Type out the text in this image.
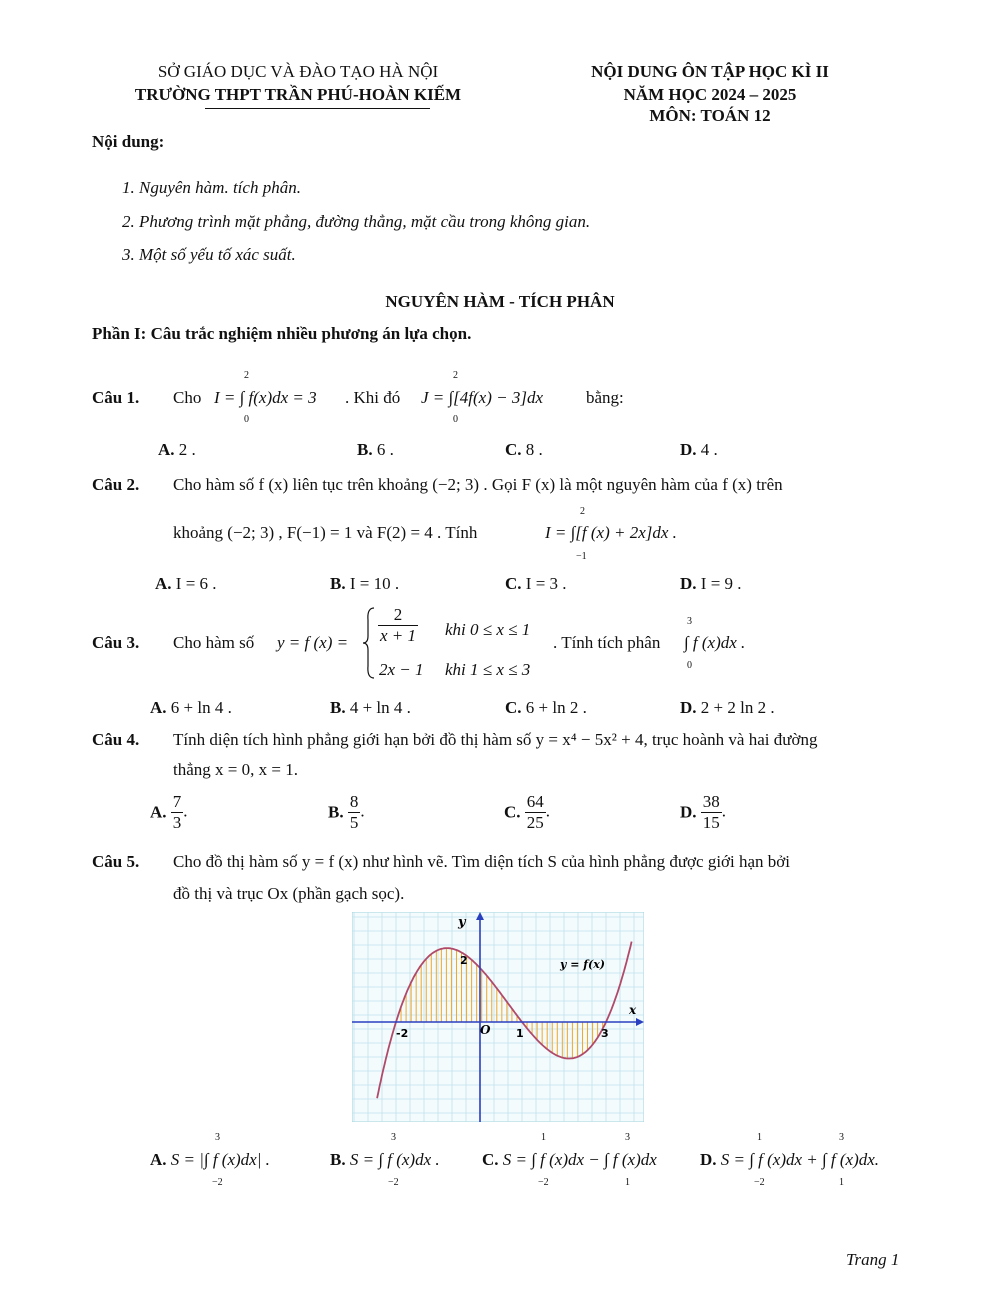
SỞ GIÁO DỤC VÀ ĐÀO TẠO HÀ NỘI
TRƯỜNG THPT TRẦN PHÚ-HOÀN KIẾM
NỘI DUNG ÔN TẬP HỌC KÌ II
NĂM HỌC 2024 – 2025
MÔN: TOÁN 12
Nội dung:
1. Nguyên hàm. tích phân.
2. Phương trình mặt phẳng, đường thẳng, mặt cầu trong không gian.
3. Một số yếu tố xác suất.
NGUYÊN HÀM - TÍCH PHÂN
Phần I: Câu trắc nghiệm nhiều phương án lựa chọn.
Câu 1. Cho
2
0
I = ∫ f(x)dx = 3 . Khi đó
2
0
J = ∫[4f(x) − 3]dx	bằng:
A. 2 .	B. 6 .	C. 8 .	D. 4 .
Câu 2. Cho hàm số f (x) liên tục trên khoảng (−2; 3) . Gọi F (x) là một nguyên hàm của f (x) trên
khoảng (−2; 3) , F(−1) = 1 và F(2) = 4 . Tính
2
−1
I = ∫[f (x) + 2x]dx .
A. I = 6 .	B. I = 10 .	C. I = 3 .	D. I = 9 .
Câu 3. Cho hàm số y = f $(x) = \frac{2}{x + 1}$ khi 0 ≤ x ≤ 1
2x − 1 khi 1 ≤ x ≤ 3
. Tính tích phân
3
0
∫ f (x)dx .
A. 6 + ln 4 .	B. 4 + ln 4 .	C. 6 + ln 2 .	D. 2 + 2 ln 2 .
Câu 4. Tính diện tích hình phẳng giới hạn bởi đồ thị hàm số y = x⁴ − 5x² + 4, trục hoành và hai đường
thẳng x = 0, x = 1.
A. $\frac{7}{3}$ .	B. $\frac{8}{5}$ .	C. $\frac{64}{25}$ .	D. $\frac{38}{15}$ .
Câu 5. Cho đồ thị hàm số y = f (x) như hình vẽ. Tìm diện tích S của hình phẳng được giới hạn bởi
đồ thị và trục Ox (phần gạch sọc).
y
x
y = f(x)
O
-2	1	3
2
A. S = |∫ f (x)dx| .
3
−2
B. S = ∫ f (x)dx .
3
−2
C. S = ∫ f (x)dx − ∫ f (x)dx
1
−2
3
1
D. S = ∫ f (x)dx + ∫ f (x)dx.
1
−2
3
1
Trang 1
